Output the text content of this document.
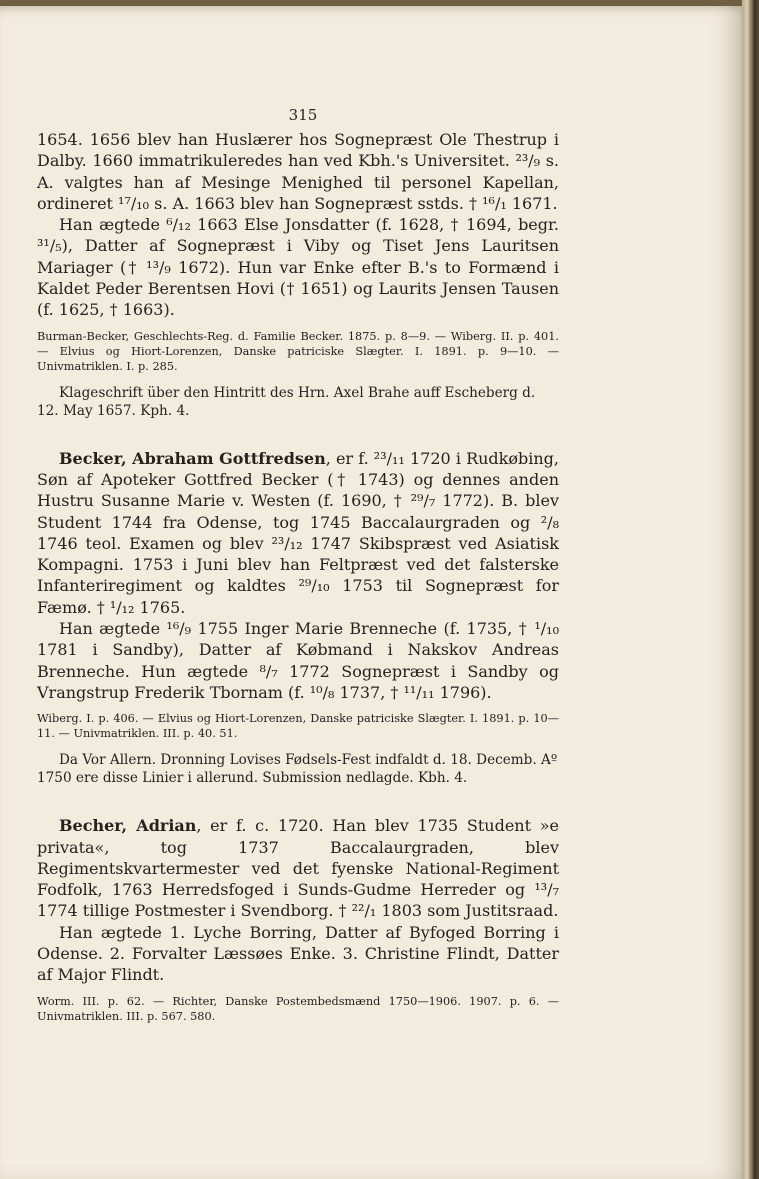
315

1654. 1656 blev han Huslærer hos Sognepræst Ole Thestrup i Dalby. 1660 immatrikuleredes han ved Kbh.'s Universitet. ²³/₉ s. A. valgtes han af Mesinge Menighed til personel Kapellan, ordineret ¹⁷/₁₀ s. A. 1663 blev han Sognepræst sstds. † ¹⁶/₁ 1671.

Han ægtede ⁶/₁₂ 1663 Else Jonsdatter (f. 1628, † 1694, begr. ³¹/₅), Datter af Sognepræst i Viby og Tiset Jens Lauritsen Mariager († ¹³/₉ 1672). Hun var Enke efter B.'s to Formænd i Kaldet Peder Berentsen Hovi († 1651) og Laurits Jensen Tausen (f. 1625, † 1663).

Burman-Becker, Geschlechts-Reg. d. Familie Becker. 1875. p. 8—9. — Wiberg. II. p. 401. — Elvius og Hiort-Lorenzen, Danske patriciske Slægter. I. 1891. p. 9—10. — Univmatriklen. I. p. 285.

Klageschrift über den Hintritt des Hrn. Axel Brahe auff Escheberg d. 12. May 1657. Kph. 4.

Becker, Abraham Gottfredsen, er f. ²³/₁₁ 1720 i Rudkøbing, Søn af Apoteker Gottfred Becker († 1743) og dennes anden Hustru Susanne Marie v. Westen (f. 1690, † ²⁹/₇ 1772). B. blev Student 1744 fra Odense, tog 1745 Baccalaurgraden og ²/₈ 1746 teol. Examen og blev ²³/₁₂ 1747 Skibspræst ved Asiatisk Kompagni. 1753 i Juni blev han Feltpræst ved det falsterske Infanteriregiment og kaldtes ²⁹/₁₀ 1753 til Sognepræst for Fæmø. † ¹/₁₂ 1765.

Han ægtede ¹⁶/₉ 1755 Inger Marie Brenneche (f. 1735, † ¹/₁₀ 1781 i Sandby), Datter af Købmand i Nakskov Andreas Brenneche. Hun ægtede ⁸/₇ 1772 Sognepræst i Sandby og Vrangstrup Frederik Tbornam (f. ¹⁰/₈ 1737, † ¹¹/₁₁ 1796).

Wiberg. I. p. 406. — Elvius og Hiort-Lorenzen, Danske patriciske Slægter. I. 1891. p. 10—11. — Univmatriklen. III. p. 40. 51.

Da Vor Allern. Dronning Lovises Fødsels-Fest indfaldt d. 18. Decemb. Aº 1750 ere disse Linier i allerund. Submission nedlagde. Kbh. 4.

Becher, Adrian, er f. c. 1720. Han blev 1735 Student »e privata«, tog 1737 Baccalaurgraden, blev Regimentskvartermester ved det fyenske National-Regiment Fodfolk, 1763 Herredsfoged i Sunds-Gudme Herreder og ¹³/₇ 1774 tillige Postmester i Svendborg. † ²²/₁ 1803 som Justitsraad.

Han ægtede 1. Lyche Borring, Datter af Byfoged Borring i Odense. 2. Forvalter Læssøes Enke. 3. Christine Flindt, Datter af Major Flindt.

Worm. III. p. 62. — Richter, Danske Postembedsmænd 1750—1906. 1907. p. 6. — Univmatriklen. III. p. 567. 580.
